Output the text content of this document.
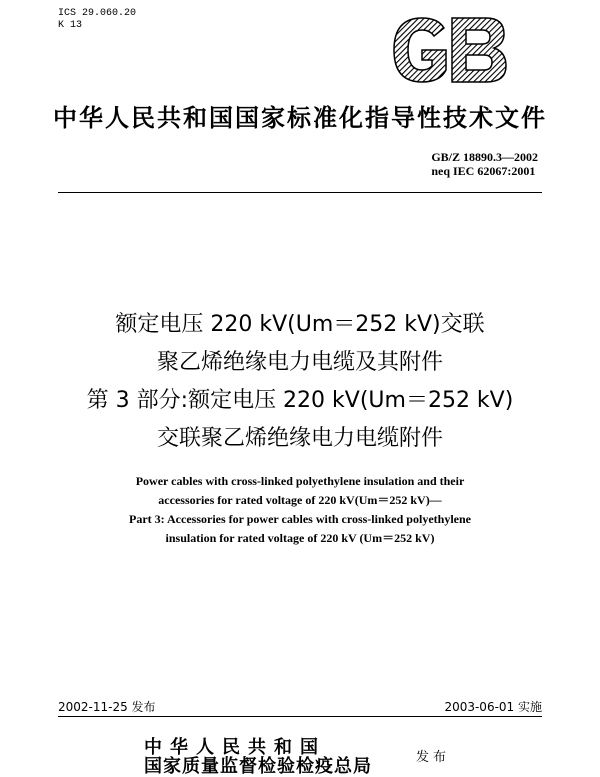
ICS 29.060.20
K 13
中华人民共和国国家标准化指导性技术文件
GB/Z 18890.3—2002
neq IEC 62067:2001
额定电压 220 kV(Um＝252 kV)交联
聚乙烯绝缘电力电缆及其附件
第 3 部分:额定电压 220 kV(Um＝252 kV)
交联聚乙烯绝缘电力电缆附件
Power cables with cross-linked polyethylene insulation and their
accessories for rated voltage of 220 kV(Um＝252 kV)—
Part 3: Accessories for power cables with cross-linked polyethylene
insulation for rated voltage of 220 kV (Um＝252 kV)
2002-11-25 发布	2003-06-01 实施
中华人民共和国
国家质量监督检验检疫总局	发布
